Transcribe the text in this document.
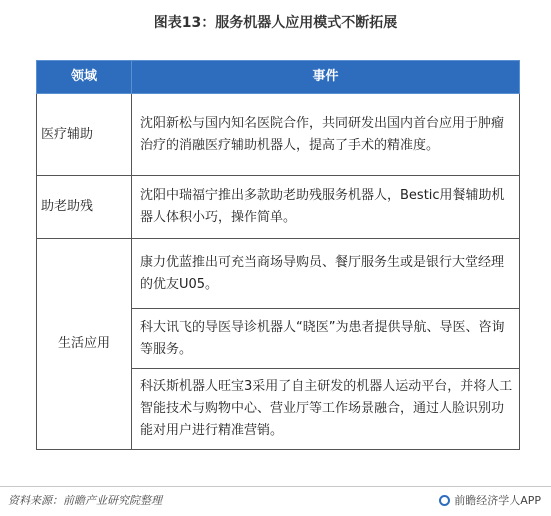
图表13：服务机器人应用模式不断拓展
领域	事件
医疗辅助	沈阳新松与国内知名医院合作，共同研发出国内首台应用于肿瘤治疗的消融医疗辅助机器人，提高了手术的精准度。
助老助残	沈阳中瑞福宁推出多款助老助残服务机器人，Bestic用餐辅助机器人体积小巧，操作简单。
生活应用	康力优蓝推出可充当商场导购员、餐厅服务生或是银行大堂经理的优友U05。
	科大讯飞的导医导诊机器人“晓医”为患者提供导航、导医、咨询等服务。
	科沃斯机器人旺宝3采用了自主研发的机器人运动平台，并将人工智能技术与购物中心、营业厅等工作场景融合，通过人脸识别功能对用户进行精准营销。
资料来源：前瞻产业研究院整理	前瞻经济学人APP
